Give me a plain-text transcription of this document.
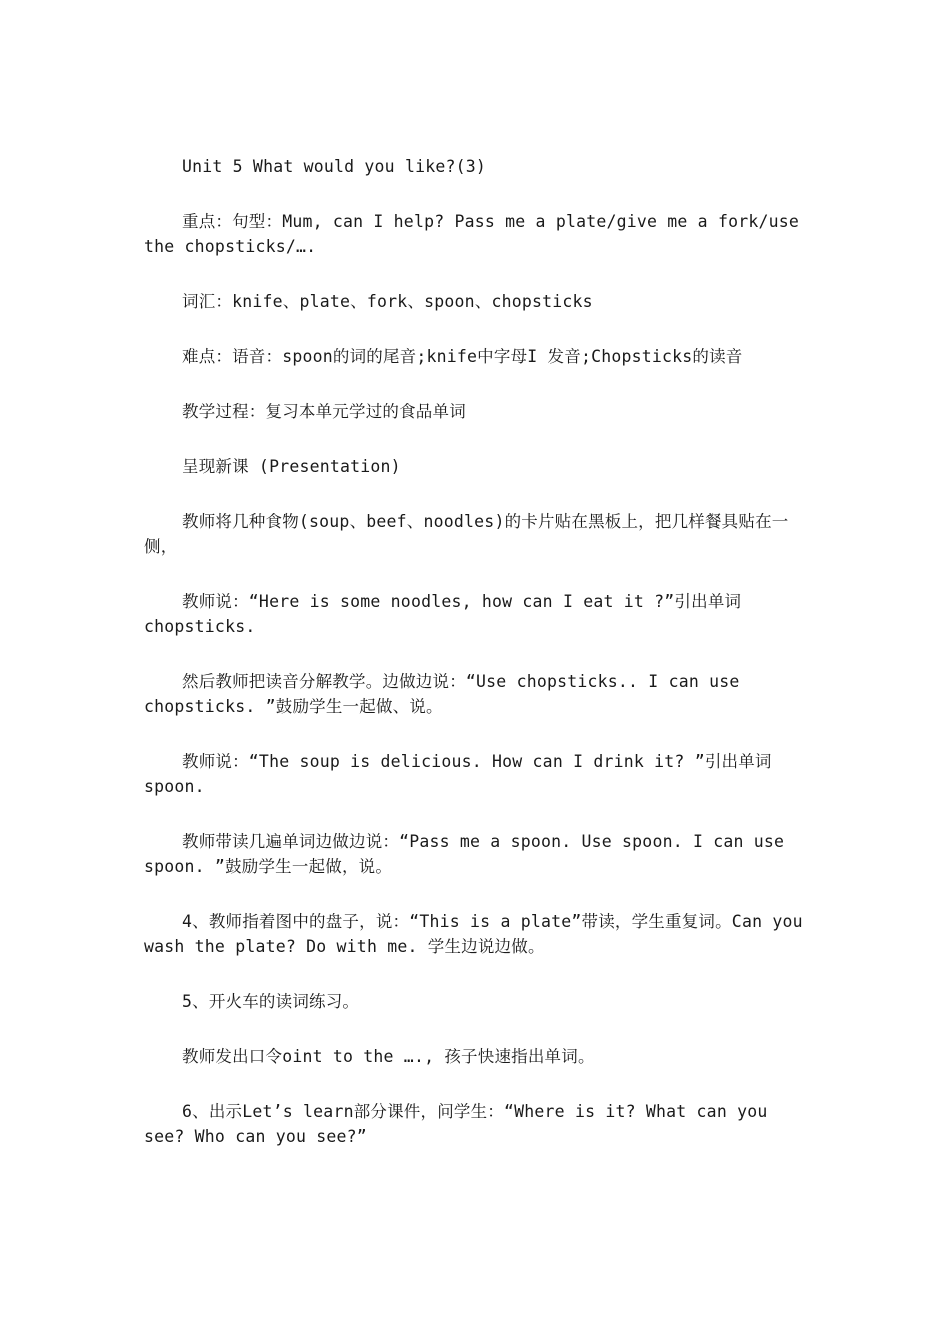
Unit 5 What would you like?(3)

重点：句型：Mum, can I help? Pass me a plate/give me a fork/use the chopsticks/….

词汇：knife、plate、fork、spoon、chopsticks

难点：语音：spoon的词的尾音;knife中字母I 发音;Chopsticks的读音

教学过程：复习本单元学过的食品单词

呈现新课 (Presentation)

教师将几种食物(soup、beef、noodles)的卡片贴在黑板上，把几样餐具贴在一侧，

教师说：“Here is some noodles, how can I eat it ?”引出单词chopsticks.

然后教师把读音分解教学。边做边说：“Use chopsticks.. I can use chopsticks. ”鼓励学生一起做、说。

教师说：“The soup is delicious. How can I drink it? ”引出单词spoon.

教师带读几遍单词边做边说：“Pass me a spoon. Use spoon. I can use spoon. ”鼓励学生一起做，说。

4、教师指着图中的盘子，说：“This is a plate”带读，学生重复词。Can you wash the plate? Do with me. 学生边说边做。

5、开火车的读词练习。

教师发出口令oint to the …., 孩子快速指出单词。

6、出示Let’s learn部分课件，问学生：“Where is it? What can you see? Who can you see?”
